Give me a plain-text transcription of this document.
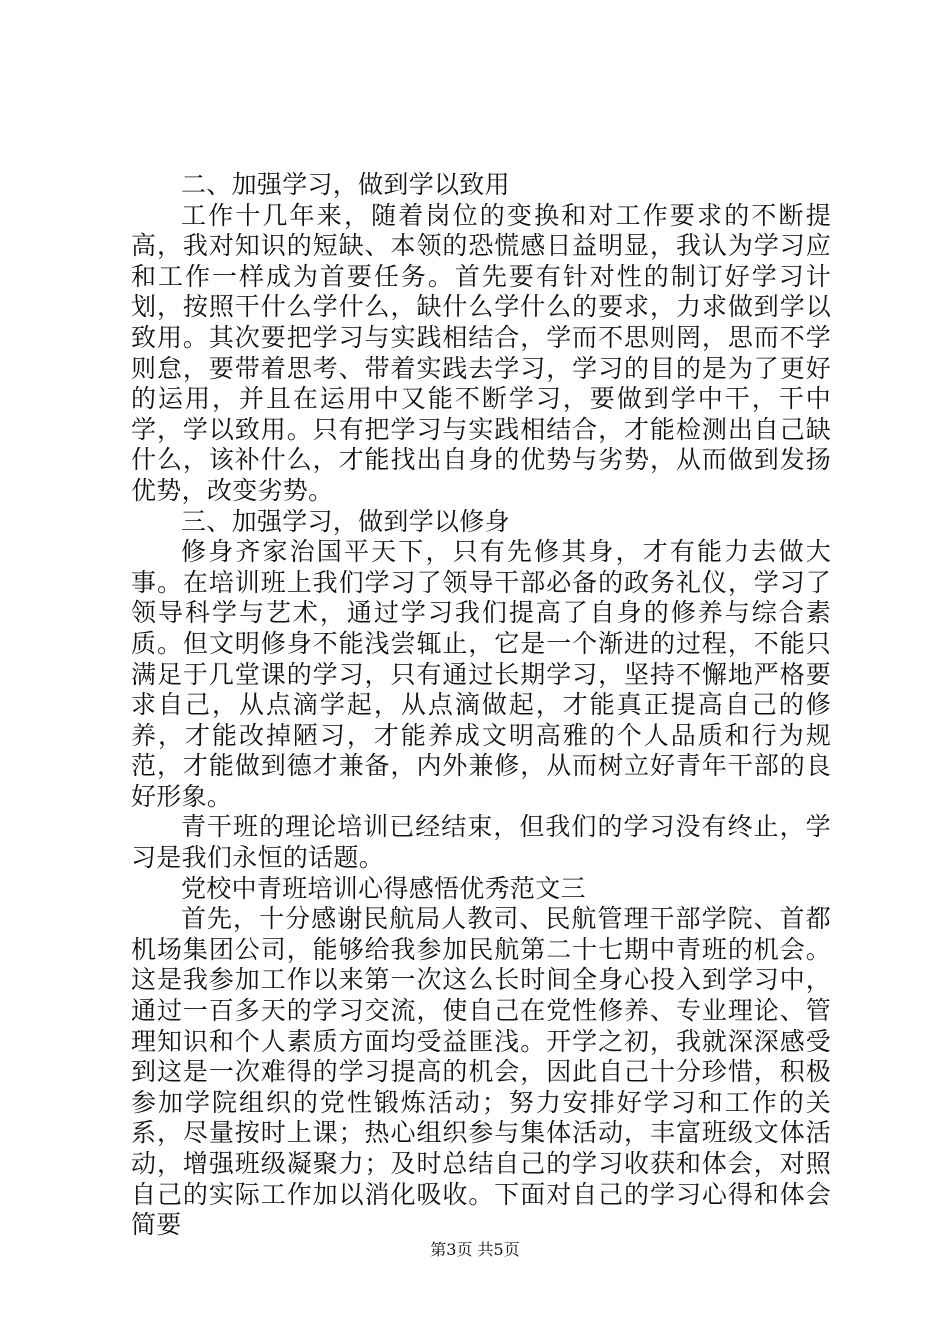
二、加强学习，做到学以致用

工作十几年来，随着岗位的变换和对工作要求的不断提高，我对知识的短缺、本领的恐慌感日益明显，我认为学习应和工作一样成为首要任务。首先要有针对性的制订好学习计划，按照干什么学什么，缺什么学什么的要求，力求做到学以致用。其次要把学习与实践相结合，学而不思则罔，思而不学则怠，要带着思考、带着实践去学习，学习的目的是为了更好的运用，并且在运用中又能不断学习，要做到学中干，干中学，学以致用。只有把学习与实践相结合，才能检测出自己缺什么，该补什么，才能找出自身的优势与劣势，从而做到发扬优势，改变劣势。

三、加强学习，做到学以修身

修身齐家治国平天下，只有先修其身，才有能力去做大事。在培训班上我们学习了领导干部必备的政务礼仪，学习了领导科学与艺术，通过学习我们提高了自身的修养与综合素质。但文明修身不能浅尝辄止，它是一个渐进的过程，不能只满足于几堂课的学习，只有通过长期学习，坚持不懈地严格要求自己，从点滴学起，从点滴做起，才能真正提高自己的修养，才能改掉陋习，才能养成文明高雅的个人品质和行为规范，才能做到德才兼备，内外兼修，从而树立好青年干部的良好形象。

青干班的理论培训已经结束，但我们的学习没有终止，学习是我们永恒的话题。

党校中青班培训心得感悟优秀范文三

首先，十分感谢民航局人教司、民航管理干部学院、首都机场集团公司，能够给我参加民航第二十七期中青班的机会。这是我参加工作以来第一次这么长时间全身心投入到学习中，通过一百多天的学习交流，使自己在党性修养、专业理论、管理知识和个人素质方面均受益匪浅。开学之初，我就深深感受到这是一次难得的学习提高的机会，因此自己十分珍惜，积极参加学院组织的党性锻炼活动；努力安排好学习和工作的关系，尽量按时上课；热心组织参与集体活动，丰富班级文体活动，增强班级凝聚力；及时总结自己的学习收获和体会，对照自己的实际工作加以消化吸收。下面对自己的学习心得和体会简要

第3页 共5页
